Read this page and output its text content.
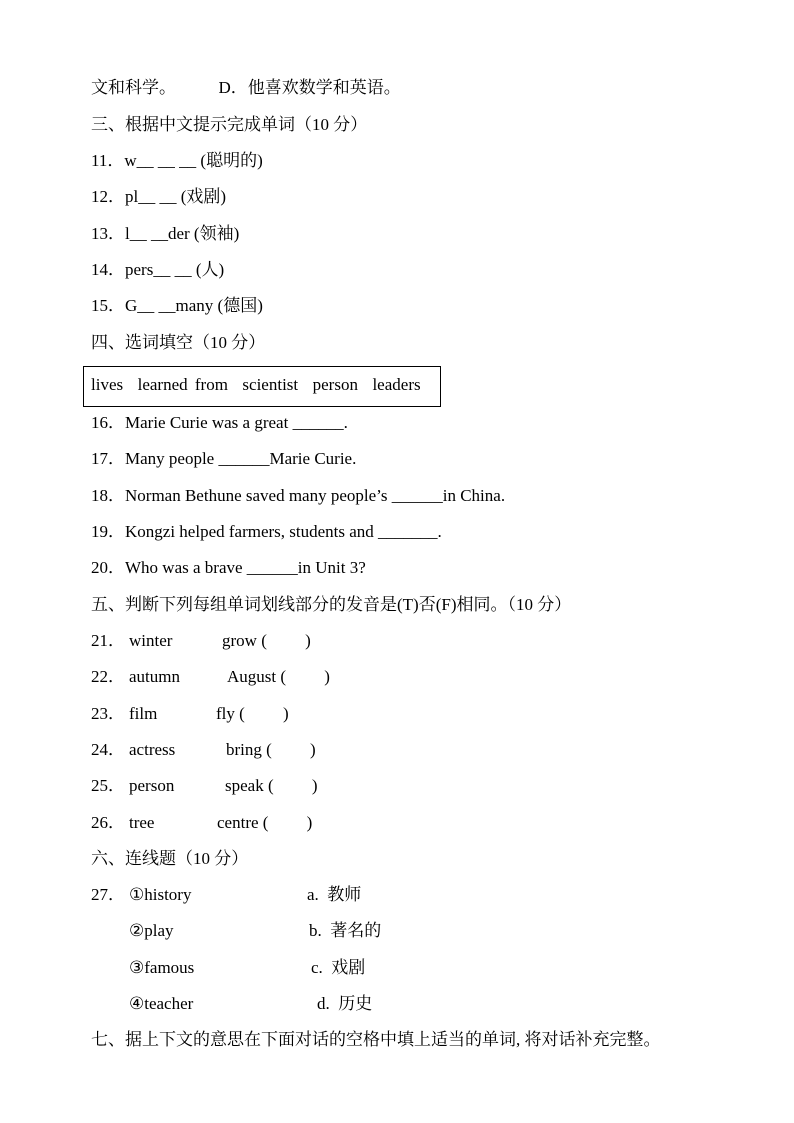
文和科学。          D．他喜欢数学和英语。
三、根据中文提示完成单词（10 分）
11．w__ __ __ (聪明的)
12．pl__ __ (戏剧)
13．l__ __der (领袖)
14．pers__ __ (人)
15．G__ __many (德国)
四、选词填空（10 分）
lives  learned from  scientist  person  leaders
16．Marie Curie was a great ______.
17．Many people ______Marie Curie.
18．Norman Bethune saved many people’s ______in China.
19．Kongzi helped farmers, students and _______.
20．Who was a brave ______in Unit 3?
五、判断下列每组单词划线部分的发音是(T)否(F)相同。（10 分）
21． winter	grow (         )
22． autumn	August (         )
23． film	fly (         )
24． actress	bring (         )
25． person	speak (         )
26． tree	centre (         )
六、连线题（10 分）
27． ①history	a.  教师
②play	b.  著名的
③famous	c.  戏剧
④teacher	d.  历史
七、据上下文的意思在下面对话的空格中填上适当的单词, 将对话补充完整。
